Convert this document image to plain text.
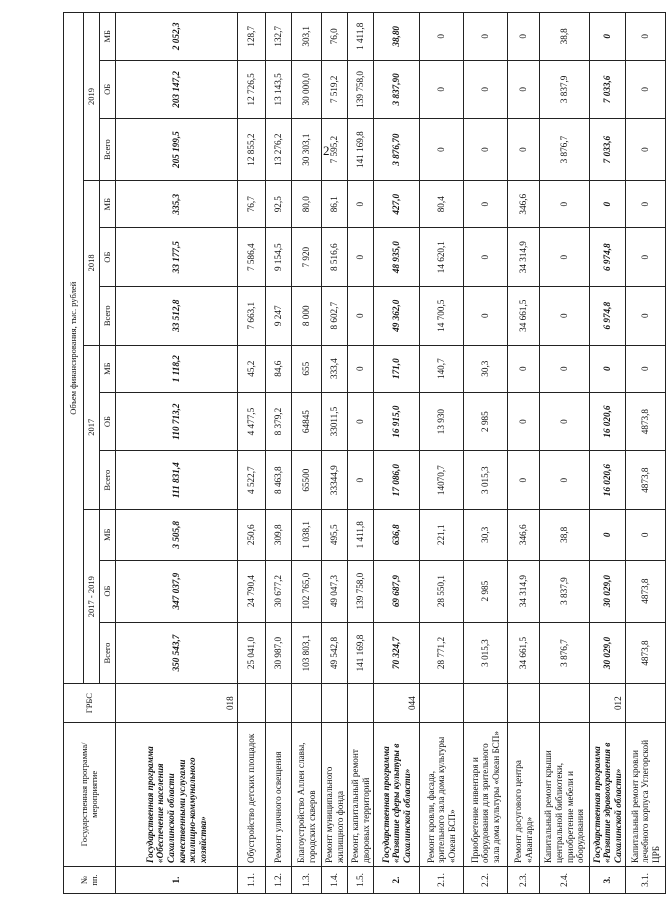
2
№ пп.	Государственная программа/мероприятие	ГРБС	Объем финансирования, тыс. рублей											
			2017 - 2019			2017			2018			2019		
			Всего	ОБ	МБ	Всего	ОБ	МБ	Всего	ОБ	МБ	Всего	ОБ	МБ
1.	Государственная программа «Обеспечение населения Сахалинской области качественными услугами жилищно-коммунального хозяйства»	018	350 543,7	347 037,9	3 505,8	111 831,4	110 713,2	1 118,2	33 512,8	33 177,5	335,3	205 199,5	203 147,2	2 052,3
1.1.	Обустройство детских площадок		25 041,0	24 790,4	250,6	4 522,7	4 477,5	45,2	7 663,1	7 586,4	76,7	12 855,2	12 726,5	128,7
1.2.	Ремонт уличного освещения		30 987,0	30 677,2	309,8	8 463,8	8 379,2	84,6	9 247	9 154,5	92,5	13 276,2	13 143,5	132,7
1.3.	Благоустройство Аллеи славы, городских скверов		103 803,1	102 765,0	1 038,1	65500	64845	655	8 000	7 920	80,0	30 303,1	30 000,0	303,1
1.4.	Ремонт муниципального жилищного фонда		49 542,8	49 047,3	495,5	33344,9	33011,5	333,4	8 602,7	8 516,6	86,1	7 595,2	7 519,2	76,0
1.5.	Ремонт, капитальный ремонт дворовых территорий		141 169,8	139 758,0	1 411,8	0	0	0	0	0	0	141 169,8	139 758,0	1 411,8
2.	Государственная программа «Развитие сферы культуры в Сахалинской области»	044	70 324,7	69 687,9	636,8	17 086,0	16 915,0	171,0	49 362,0	48 935,0	427,0	3 876,70	3 837,90	38,80
2.1.	Ремонт кровли, фасада, зрительного зала дома культуры «Океан БСП»		28 771,2	28 550,1	221,1	14070,7	13 930	140,7	14 700,5	14 620,1	80,4	0	0	0
2.2.	Приобретение инвентаря и оборудования для зрительного зала дома культуры «Океан БСП»		3 015,3	2 985	30,3	3 015,3	2 985	30,3	0	0	0	0	0	0
2.3.	Ремонт досугового центра «Авангард»		34 661,5	34 314,9	346,6	0	0	0	34 661,5	34 314,9	346,6	0	0	0
2.4.	Капитальный ремонт крыши центральной библиотеки, приобретение мебели и оборудования		3 876,7	3 837,9	38,8	0	0	0	0	0	0	3 876,7	3 837,9	38,8
3.	Государственная программа «Развитие здравоохранения в Сахалинской области»	012	30 029,0	30 029,0	0	16 020,6	16 020,6	0	6 974,8	6 974,8	0	7 033,6	7 033,6	0
3.1.	Капитальный ремонт кровли лечебного корпуса Углегорской ЦРБ		4873,8	4873,8	0	4873,8	4873,8	0	0	0	0	0	0	0
